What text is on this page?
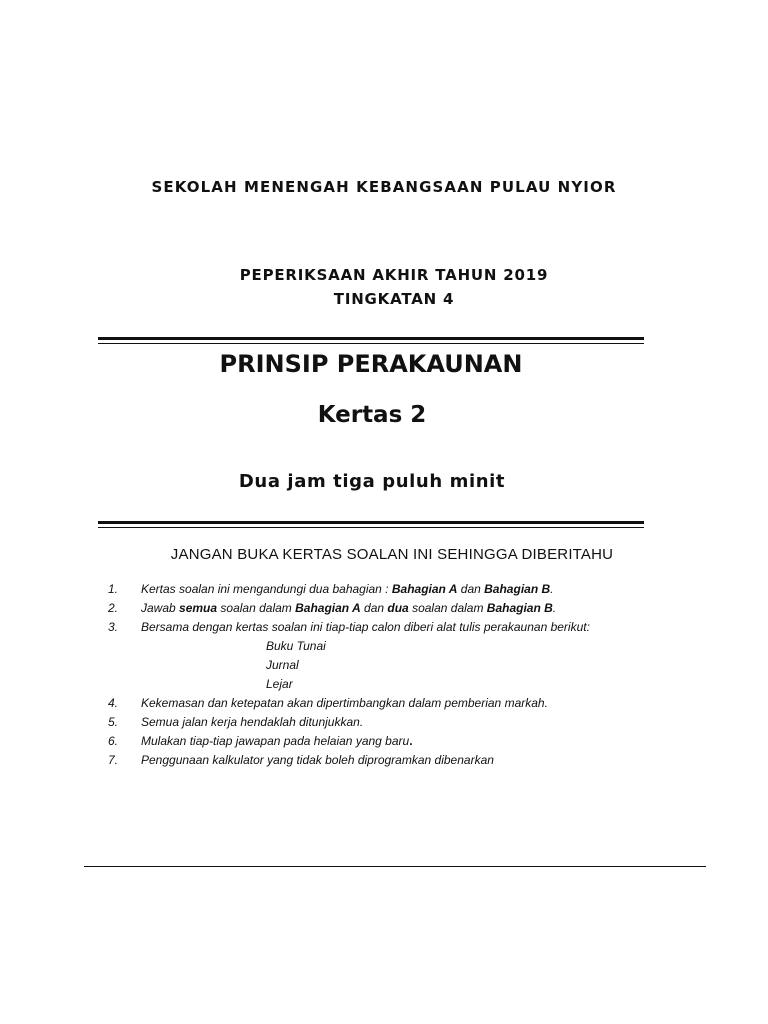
SEKOLAH MENENGAH KEBANGSAAN PULAU NYIOR
PEPERIKSAAN AKHIR TAHUN 2019
TINGKATAN 4
PRINSIP PERAKAUNAN
Kertas 2
Dua jam tiga puluh minit
JANGAN BUKA KERTAS SOALAN INI SEHINGGA DIBERITAHU
1. Kertas soalan ini mengandungi dua bahagian : Bahagian A dan Bahagian B.
2. Jawab semua soalan dalam Bahagian A dan dua soalan dalam Bahagian B.
3. Bersama dengan kertas soalan ini tiap-tiap calon diberi alat tulis perakaunan berikut:
Buku Tunai
Jurnal
Lejar
4. Kekemasan dan ketepatan akan dipertimbangkan dalam pemberian markah.
5. Semua jalan kerja hendaklah ditunjukkan.
6. Mulakan tiap-tiap jawapan pada helaian yang baru.
7. Penggunaan kalkulator yang tidak boleh diprogramkan dibenarkan
